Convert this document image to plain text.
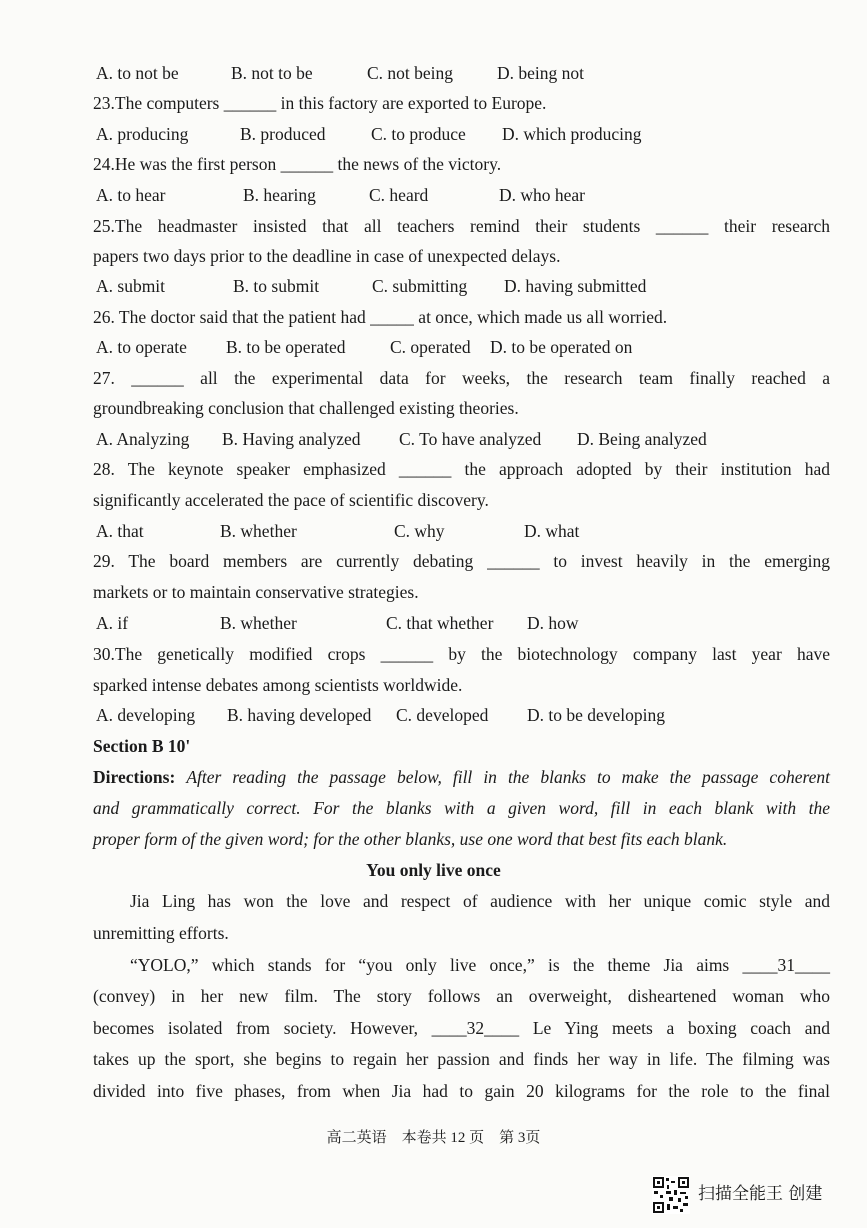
A. to not be	B. not to be	C. not being	D. being not
23.The computers ______ in this factory are exported to Europe.
A. producing	B. produced	C. to produce D. which producing
24.He was the first person ______ the news of the victory.
A. to hear	B. hearing	C. heard	D. who hear
25.The headmaster insisted that all teachers remind their students ______ their research
papers two days prior to the deadline in case of unexpected delays.
A. submit	B. to submit	C. submitting D. having submitted
26. The doctor said that the patient had _____ at once, which made us all worried.
A. to operate B. to be operated	C. operated D. to be operated on
27. ______ all the experimental data for weeks, the research team finally reached a
groundbreaking conclusion that challenged existing theories.
A. Analyzing B. Having analyzed C. To have analyzed D. Being analyzed
28. The keynote speaker emphasized ______ the approach adopted by their institution had
significantly accelerated the pace of scientific discovery.
A. that	B. whether	C. why	D. what
29. The board members are currently debating ______ to invest heavily in the emerging
markets or to maintain conservative strategies.
A. if	B. whether	C. that whether D. how
30.The genetically modified crops ______ by the biotechnology company last year have
sparked intense debates among scientists worldwide.
A. developing B. having developed C. developed D. to be developing
Section B 10'
Directions: After reading the passage below, fill in the blanks to make the passage coherent
and grammatically correct. For the blanks with a given word, fill in each blank with the
proper form of the given word; for the other blanks, use one word that best fits each blank.
You only live once
Jia Ling has won the love and respect of audience with her unique comic style and
unremitting efforts.
“YOLO,” which stands for “you only live once,” is the theme Jia aims ____31____
(convey) in her new film. The story follows an overweight, disheartened woman who
becomes isolated from society. However, ____32____ Le Ying meets a boxing coach and
takes up the sport, she begins to regain her passion and finds her way in life. The filming was
divided into five phases, from when Jia had to gain 20 kilograms for the role to the final
高二英语　本卷共 12 页　第 3页
扫描全能王 创建
